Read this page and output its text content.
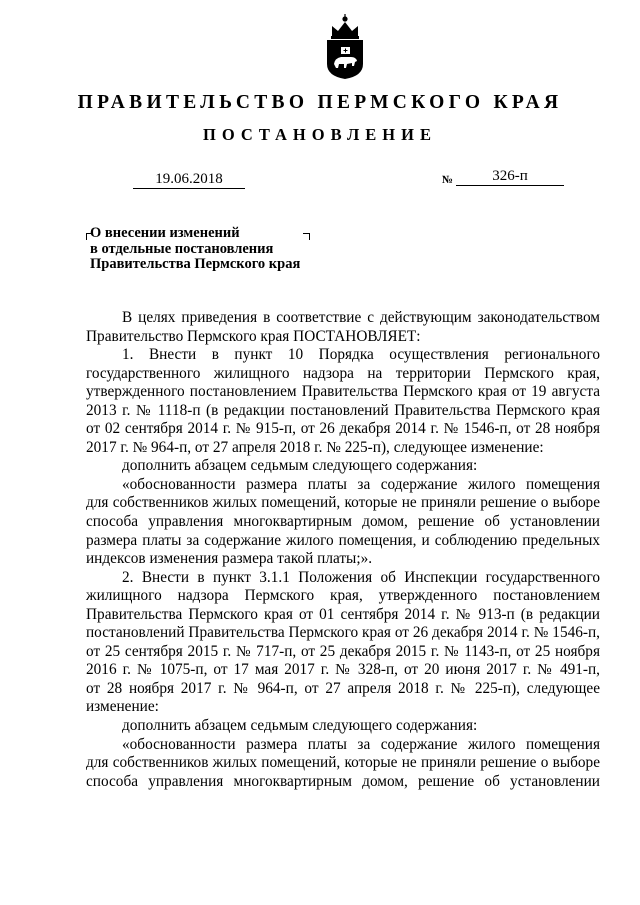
ПРАВИТЕЛЬСТВО ПЕРМСКОГО КРАЯ
ПОСТАНОВЛЕНИЕ
19.06.2018	№	326-п
О внесении изменений
в отдельные постановления
Правительства Пермского края

В целях приведения в соответствие с действующим законодательством

Правительство Пермского края ПОСТАНОВЛЯЕТ:

1. Внести в пункт 10 Порядка осуществления регионального

государственного жилищного надзора на территории Пермского края,

утвержденного постановлением Правительства Пермского края от 19 августа

2013 г. № 1118-п (в редакции постановлений Правительства Пермского края

от 02 сентября 2014 г. № 915-п, от 26 декабря 2014 г. № 1546-п, от 28 ноября

2017 г. № 964-п, от 27 апреля 2018 г. № 225-п), следующее изменение:

дополнить абзацем седьмым следующего содержания:

«обоснованности размера платы за содержание жилого помещения

для собственников жилых помещений, которые не приняли решение о выборе

способа управления многоквартирным домом, решение об установлении

размера платы за содержание жилого помещения, и соблюдению предельных

индексов изменения размера такой платы;».

2. Внести в пункт 3.1.1 Положения об Инспекции государственного

жилищного надзора Пермского края, утвержденного постановлением

Правительства Пермского края от 01 сентября 2014 г. № 913-п (в редакции

постановлений Правительства Пермского края от 26 декабря 2014 г. № 1546-п,

от 25 сентября 2015 г. № 717-п, от 25 декабря 2015 г. № 1143-п, от 25 ноября

2016 г. № 1075-п, от 17 мая 2017 г. № 328-п, от 20 июня 2017 г. № 491-п,

от 28 ноября 2017 г. № 964-п, от 27 апреля 2018 г. № 225-п), следующее

изменение:

дополнить абзацем седьмым следующего содержания:

«обоснованности размера платы за содержание жилого помещения

для собственников жилых помещений, которые не приняли решение о выборе

способа управления многоквартирным домом, решение об установлении
